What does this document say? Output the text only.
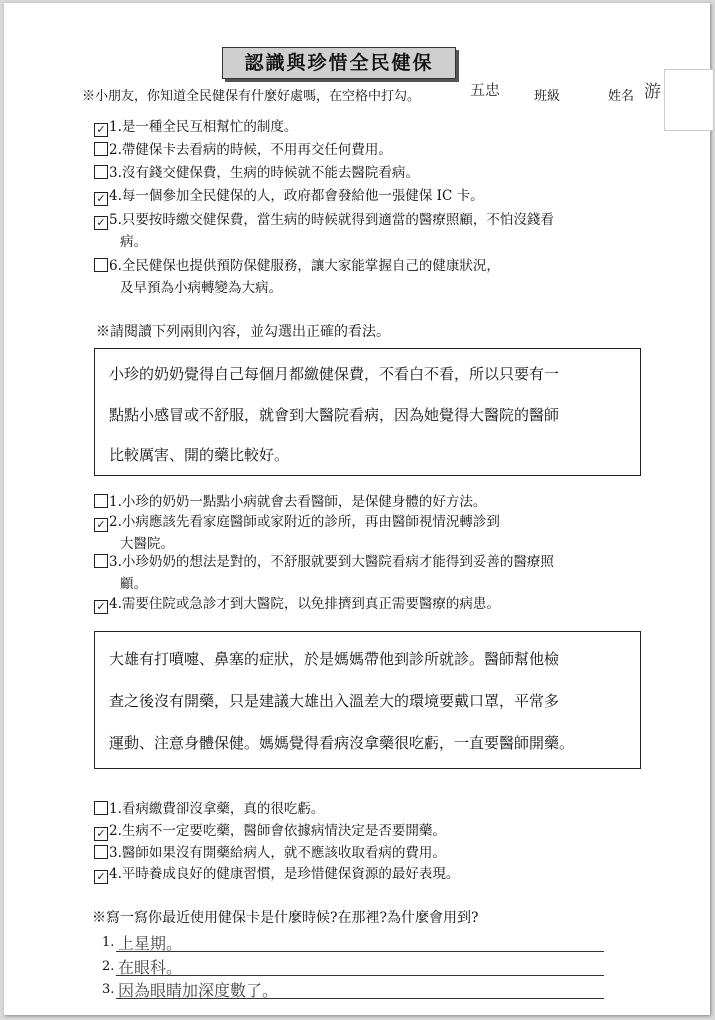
認識與珍惜全民健保
※小朋友，你知道全民健保有什麼好處嗎，在空格中打勾。	五忠	班級	姓名 游
✓ 1.是一種全民互相幫忙的制度。
2.帶健保卡去看病的時候，不用再交任何費用。
3.沒有錢交健保費，生病的時候就不能去醫院看病。
✓ 4.每一個參加全民健保的人，政府都會發給他一張健保 IC 卡。
✓ 5.只要按時繳交健保費，當生病的時候就得到適當的醫療照顧，不怕沒錢看
病。
6.全民健保也提供預防保健服務，讓大家能掌握自己的健康狀況，
及早預為小病轉變為大病。
※請閱讀下列兩則內容，並勾選出正確的看法。

小珍的奶奶覺得自己每個月都繳健保費，不看白不看，所以只要有一

點點小感冒或不舒服，就會到大醫院看病，因為她覺得大醫院的醫師

比較厲害、開的藥比較好。

1.小珍的奶奶一點點小病就會去看醫師，是保健身體的好方法。
✓ 2.小病應該先看家庭醫師或家附近的診所，再由醫師視情況轉診到
大醫院。
3.小珍奶奶的想法是對的，不舒服就要到大醫院看病才能得到妥善的醫療照
顧。
✓ 4.需要住院或急診才到大醫院，以免排擠到真正需要醫療的病患。

大雄有打噴嚏、鼻塞的症狀，於是媽媽帶他到診所就診。醫師幫他檢

查之後沒有開藥，只是建議大雄出入溫差大的環境要戴口罩，平常多

運動、注意身體保健。媽媽覺得看病沒拿藥很吃虧，一直要醫師開藥。

1.看病繳費卻沒拿藥，真的很吃虧。
✓ 2.生病不一定要吃藥，醫師會依據病情決定是否要開藥。
3.醫師如果沒有開藥給病人，就不應該收取看病的費用。
✓ 4.平時養成良好的健康習慣，是珍惜健保資源的最好表現。
※寫一寫你最近使用健保卡是什麼時候?在那裡?為什麼會用到?
1. 上星期。
2. 在眼科。
3. 因為眼睛加深度數了。
